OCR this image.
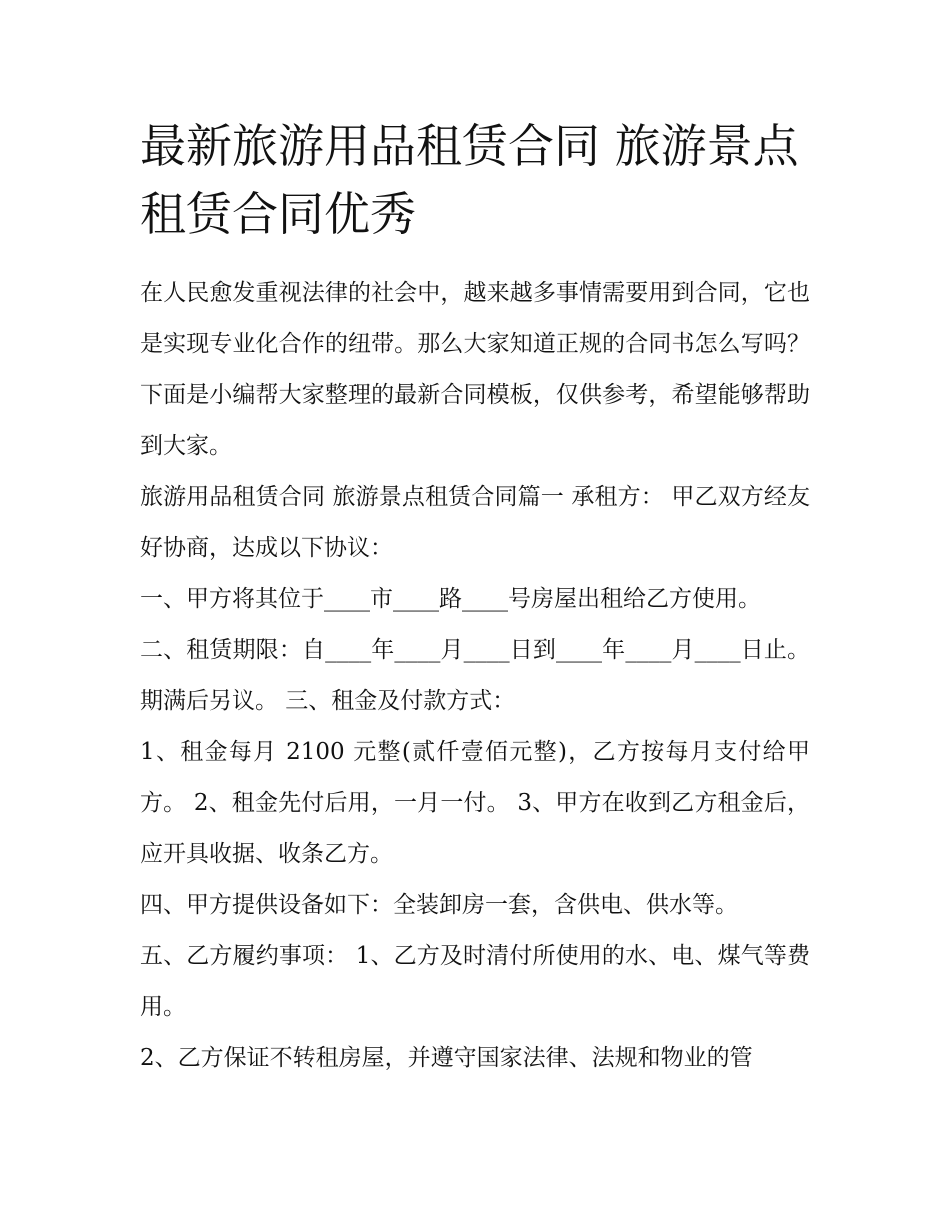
最新旅游用品租赁合同 旅游景点租赁合同优秀

在人民愈发重视法律的社会中，越来越多事情需要用到合同，它也是实现专业化合作的纽带。那么大家知道正规的合同书怎么写吗？下面是小编帮大家整理的最新合同模板，仅供参考，希望能够帮助到大家。

旅游用品租赁合同 旅游景点租赁合同篇一 承租方： 甲乙双方经友好协商，达成以下协议：

一、甲方将其位于____市____路____号房屋出租给乙方使用。

二、租赁期限：自____年____月____日到____年____月____日止。期满后另议。 三、租金及付款方式：

1、租金每月 2100 元整(贰仟壹佰元整)，乙方按每月支付给甲方。 2、租金先付后用，一月一付。 3、甲方在收到乙方租金后，应开具收据、收条乙方。

四、甲方提供设备如下：全装卸房一套，含供电、供水等。

五、乙方履约事项： 1、乙方及时清付所使用的水、电、煤气等费用。

2、乙方保证不转租房屋，并遵守国家法律、法规和物业的管
